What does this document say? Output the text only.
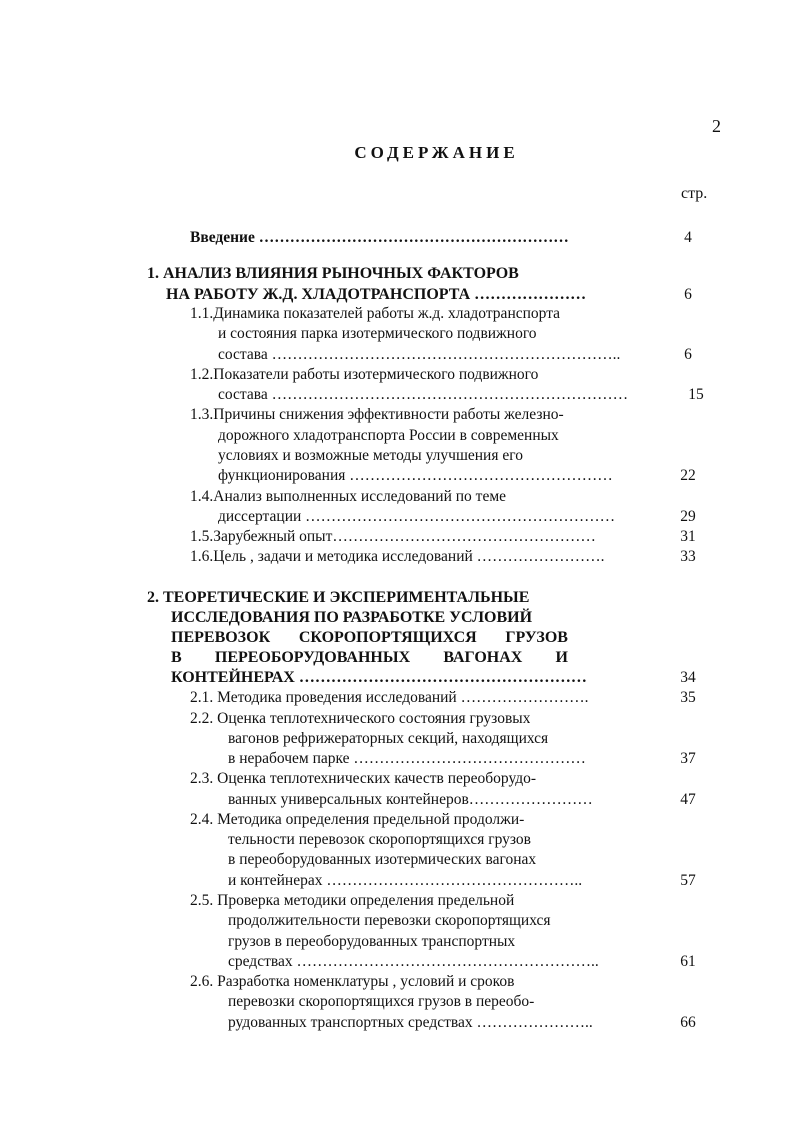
2
СОДЕРЖАНИЕ
стр.
Введение ……………………………………………………	4
1. АНАЛИЗ ВЛИЯНИЯ РЫНОЧНЫХ ФАКТОРОВ
НА РАБОТУ Ж.Д. ХЛАДОТРАНСПОРТА …………………	6
1.1.Динамика показателей работы ж.д. хладотранспорта
и состояния парка изотермического подвижного
состава …………………………………………………………..	6
1.2.Показатели работы изотермического подвижного
состава ……………………………………………………………	15
1.3.Причины снижения эффективности работы железно-
дорожного хладотранспорта России в современных
условиях и возможные методы улучшения его
функционирования ……………………………………………	22
1.4.Анализ выполненных исследований по теме
диссертации ……………………………………………………	29
1.5.Зарубежный опыт……………………………………………	31
1.6.Цель , задачи и методика исследований …………………….	33
2. ТЕОРЕТИЧЕСКИЕ И ЭКСПЕРИМЕНТАЛЬНЫЕ
ИССЛЕДОВАНИЯ ПО РАЗРАБОТКЕ УСЛОВИЙ
ПЕРЕВОЗОК СКОРОПОРТЯЩИХСЯ ГРУЗОВ
В ПЕРЕОБОРУДОВАННЫХ ВАГОНАХ И
КОНТЕЙНЕРАХ ………………………………………………	34
2.1. Методика проведения исследований …………………….	35
2.2. Оценка теплотехнического состояния грузовых
вагонов рефрижераторных секций, находящихся
в нерабочем парке ………………………………………	37
2.3. Оценка теплотехнических качеств переоборудо-
ванных универсальных контейнеров……………………	47
2.4. Методика определения предельной продолжи-
тельности перевозок скоропортящихся грузов
в переоборудованных изотермических вагонах
и контейнерах …………………………………………..	57
2.5. Проверка методики определения предельной
продолжительности перевозки скоропортящихся
грузов в переоборудованных транспортных
средствах …………………………………………………..	61
2.6. Разработка номенклатуры , условий и сроков
перевозки скоропортящихся грузов в переобо-
рудованных транспортных средствах …………………..	66
